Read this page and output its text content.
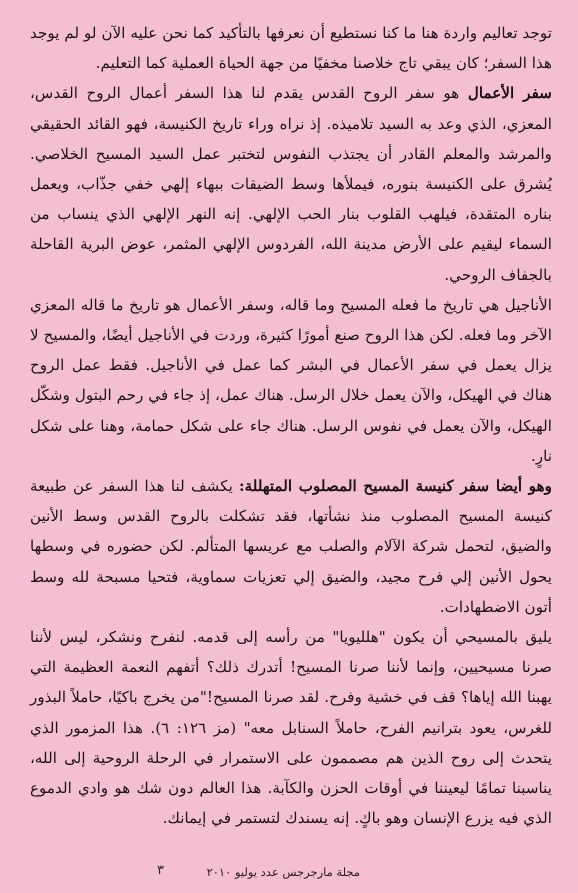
توجد تعاليم واردة هنا ما كنا نستطيع أن نعرفها بالتأكيد كما نحن عليه الآن لو لم يوجد هذا السفر؛ كان يبقي تاج خلاصنا مخفيًا من جهة الحياة العملية كما التعليم.

سفر الأعمال هو سفر الروح القدس يقدم لنا هذا السفر أعمال الروح القدس، المعزي، الذي وعد به السيد تلاميذه. إذ نراه وراء تاريخ الكنيسة، فهو القائد الحقيقي والمرشد والمعلم القادر أن يجتذب النفوس لتختبر عمل السيد المسيح الخلاصي. يُشرق على الكنيسة بنوره، فيملأها وسط الضيقات ببهاء إلهي خفي جذّاب، ويعمل بناره المتقدة، فيلهب القلوب بنار الحب الإلهي. إنه النهر الإلهي الذي ينساب من السماء ليقيم على الأرض مدينة الله، الفردوس الإلهي المثمر، عوض البرية القاحلة بالجفاف الروحي.

الأناجيل هي تاريخ ما فعله المسيح وما قاله، وسفر الأعمال هو تاريخ ما قاله المعزي الآخر وما فعله. لكن هذا الروح صنع أمورًا كثيرة، وردت في الأناجيل أيضًا، والمسيح لا يزال يعمل في سفر الأعمال في البشر كما عمل في الأناجيل. فقط عمل الروح هناك في الهيكل، والآن يعمل خلال الرسل. هناك عمل، إذ جاء في رحم البتول وشكّل الهيكل، والآن يعمل في نفوس الرسل. هناك جاء على شكل حمامة، وهنا على شكل نارٍ.

وهو أيضا سفر كنيسة المسيح المصلوب المتهللة: يكشف لنا هذا السفر عن طبيعة كنيسة المسيح المصلوب منذ نشأتها، فقد تشكلت بالروح القدس وسط الأنين والضيق، لتحمل شركة الآلام والصلب مع عريسها المتألم. لكن حضوره في وسطها يحول الأنين إلي فرح مجيد، والضيق إلي تعزيات سماوية، فتحيا مسبحة لله وسط أتون الاضطهادات.

يليق بالمسيحي أن يكون "هلليويا" من رأسه إلى قدمه. لنفرح ونشكر، ليس لأننا صرنا مسيحيين، وإنما لأننا صرنا المسيح! أتدرك ذلك؟ أتفهم النعمة العظيمة التي يهبنا الله إياها؟ قف في خشية وفرح. لقد صرنا المسيح!"من يخرج باكيًا، حاملاً البذور للغرس، يعود بترانيم الفرح، حاملاً السنابل معه" (مز ١٢٦: ٦). هذا المزمور الذي يتحدث إلى روح الذين هم مصممون على الاستمرار في الرحلة الروحية إلى الله، يناسبنا تمامًا ليعيننا في أوقات الحزن والكآبة. هذا العالم دون شك هو وادي الدموع الذي فيه يزرع الإنسان وهو باكٍ. إنه يسندك لتستمر في إيمانك.

مجلة مارجرجس عدد يوليو ٢٠١٠
٣
